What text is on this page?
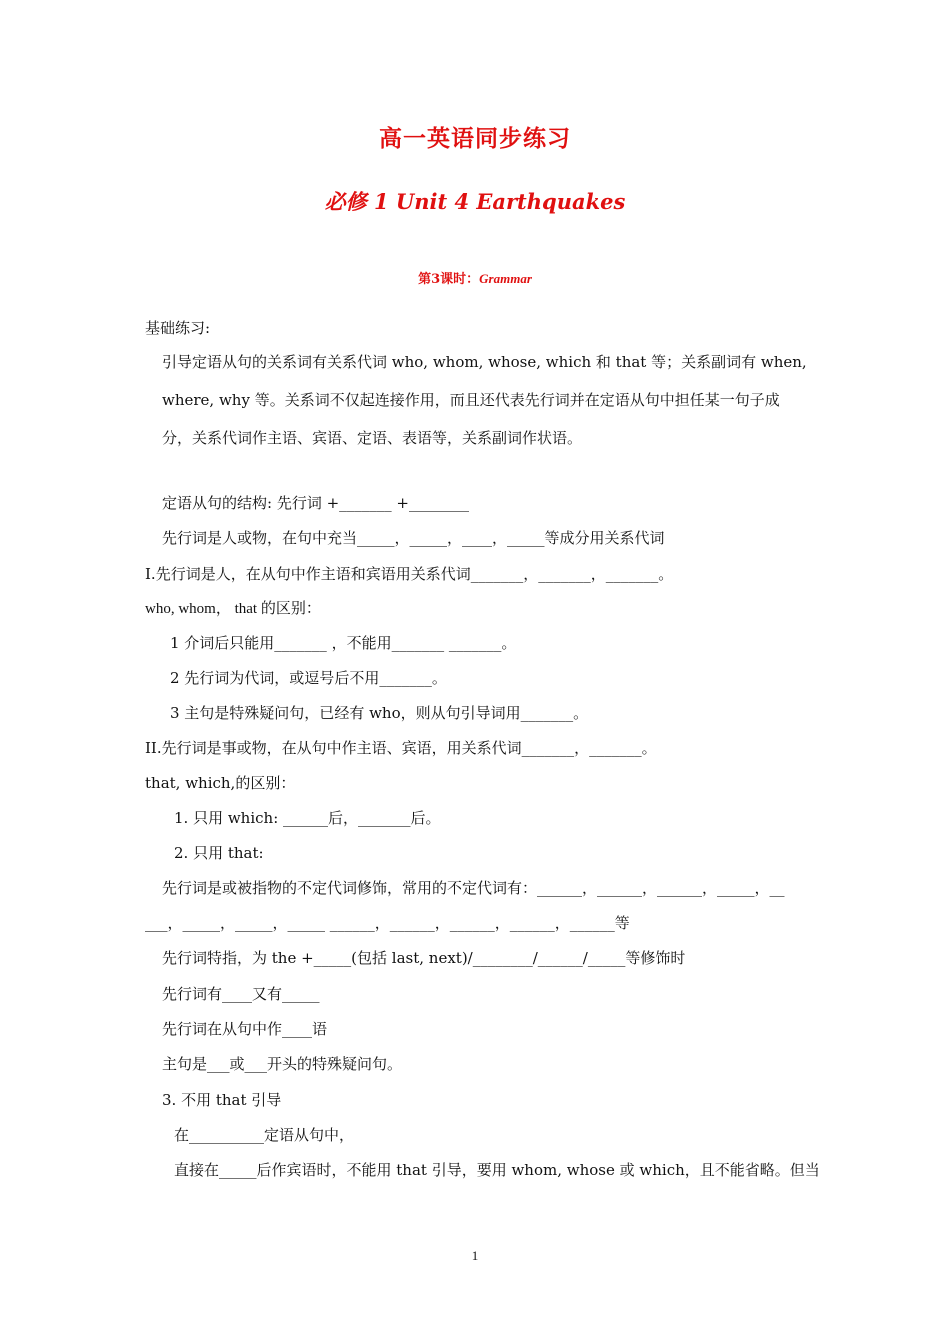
高一英语同步练习
必修 1 Unit 4 Earthquakes
第3课时：Grammar
基础练习:
引导定语从句的关系词有关系代词 who, whom, whose, which 和 that 等；关系副词有 when,
where, why 等。关系词不仅起连接作用，而且还代表先行词并在定语从句中担任某一句子成
分，关系代词作主语、宾语、定语、表语等，关系副词作状语。
定语从句的结构: 先行词 +_______ +________
先行词是人或物，在句中充当_____，_____，____，_____等成分用关系代词
I.先行词是人，在从句中作主语和宾语用关系代词_______，_______，_______。
who, whom， that 的区别：
1 介词后只能用_______ ，不能用_______ _______。
2 先行词为代词，或逗号后不用_______。
3 主句是特殊疑问句，已经有 who，则从句引导词用_______。
II.先行词是事或物，在从句中作主语、宾语，用关系代词_______，_______。
that, which,的区别：
1. 只用 which: ______后，_______后。
2. 只用 that:
先行词是或被指物的不定代词修饰，常用的不定代词有：______，______，______，_____，__
___，_____，_____，_____ ______，______，______，______，______等
先行词特指，为 the +_____(包括 last, next)/________/______/_____等修饰时
先行词有____又有_____
先行词在从句中作____语
主句是___或___开头的特殊疑问句。
3. 不用 that 引导
在__________定语从句中，
直接在_____后作宾语时，不能用 that 引导，要用 whom, whose 或 which，且不能省略。但当
1
